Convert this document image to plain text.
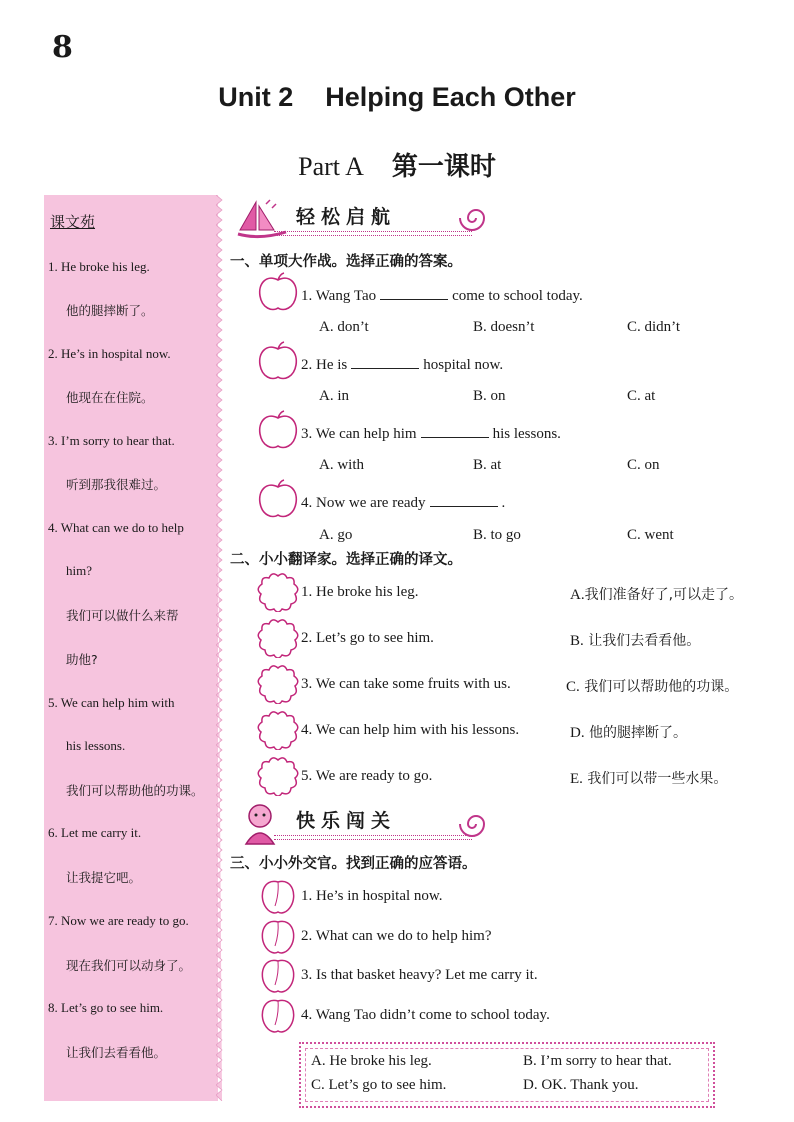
8
Unit 2 Helping Each Other
Part A 第一课时
课文苑
1. He broke his leg.
他的腿摔断了。
2. He’s in hospital now.
他现在在住院。
3. I’m sorry to hear that.
听到那我很难过。
4. What can we do to help
him?
我们可以做什么来帮
助他?
5. We can help him with
his lessons.
我们可以帮助他的功课。
6. Let me carry it.
让我提它吧。
7. Now we are ready to go.
现在我们可以动身了。
8. Let’s go to see him.
让我们去看看他。
轻松启航
一、单项大作战。选择正确的答案。
1. Wang Tao	come to school today.
A. don’t	B. doesn’t	C. didn’t
2. He is	hospital now.
A. in	B. on	C. at
3. We can help him	his lessons.
A. with	B. at	C. on
4. Now we are ready	.
A. go	B. to go	C. went
二、小小翻译家。选择正确的译文。
1. He broke his leg.	A.我们准备好了,可以走了。
2. Let’s go to see him.	B. 让我们去看看他。
3. We can take some fruits with us.	C. 我们可以帮助他的功课。
4. We can help him with his lessons.	D. 他的腿摔断了。
5. We are ready to go.	E. 我们可以带一些水果。
快乐闯关
三、小小外交官。找到正确的应答语。
1. He’s in hospital now.
2. What can we do to help him?
3. Is that basket heavy? Let me carry it.
4. Wang Tao didn’t come to school today.
A. He broke his leg.	B. I’m sorry to hear that.
C. Let’s go to see him.	D. OK. Thank you.
